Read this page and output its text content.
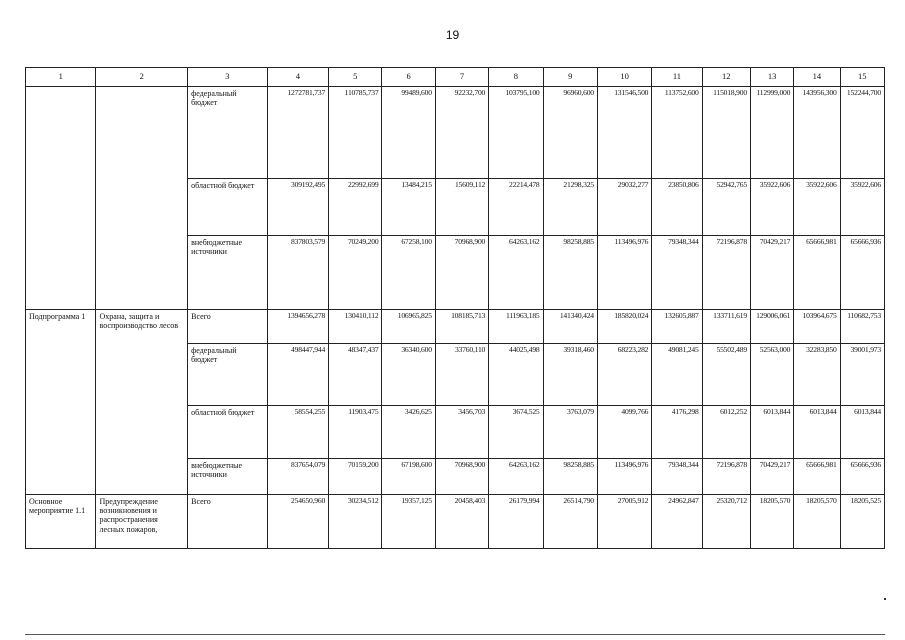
19
1	2	3	4	5	6	7	8	9	10	11	12	13	14	15
		федеральный бюджет	1272781,737	110785,737	99489,600	92232,700	103795,100	96960,600	131546,500	113752,600	115018,900	112999,000	143956,300	152244,700
		областной бюджет	309192,495	22992,699	13484,215	15609,112	22214,478	21298,325	29032,277	23850,806	52942,765	35922,606	35922,606	35922,606
		внебюджетные источники	837803,579	70249,200	67258,100	70968,900	64263,162	98258,885	113496,976	79348,344	72196,878	70429,217	65666,981	65666,936
Подпрограмма 1	Охрана, защита и воспроизводство лесов	Всего	1394656,278	130410,112	106965,825	108185,713	111963,185	141340,424	185820,024	132605,887	133711,619	129006,061	103964,675	110682,753
		федеральный бюджет	498447,944	48347,437	36340,600	33760,110	44025,498	39318,460	68223,282	49081,245	55502,489	52563,000	32283,850	39001,973
		областной бюджет	58554,255	11903,475	3426,625	3456,703	3674,525	3763,079	4099,766	4176,298	6012,252	6013,844	6013,844	6013,844
		внебюджетные источники	837654,079	70159,200	67198,600	70968,900	64263,162	98258,885	113496,976	79348,344	72196,878	70429,217	65666,981	65666,936
Основное мероприятие 1.1	Предупреждение возникновения и распространения лесных пожаров,	Всего	254650,960	30234,512	19357,125	20458,403	26179,994	26514,790	27005,912	24962,847	25320,712	18205,570	18205,570	18205,525
